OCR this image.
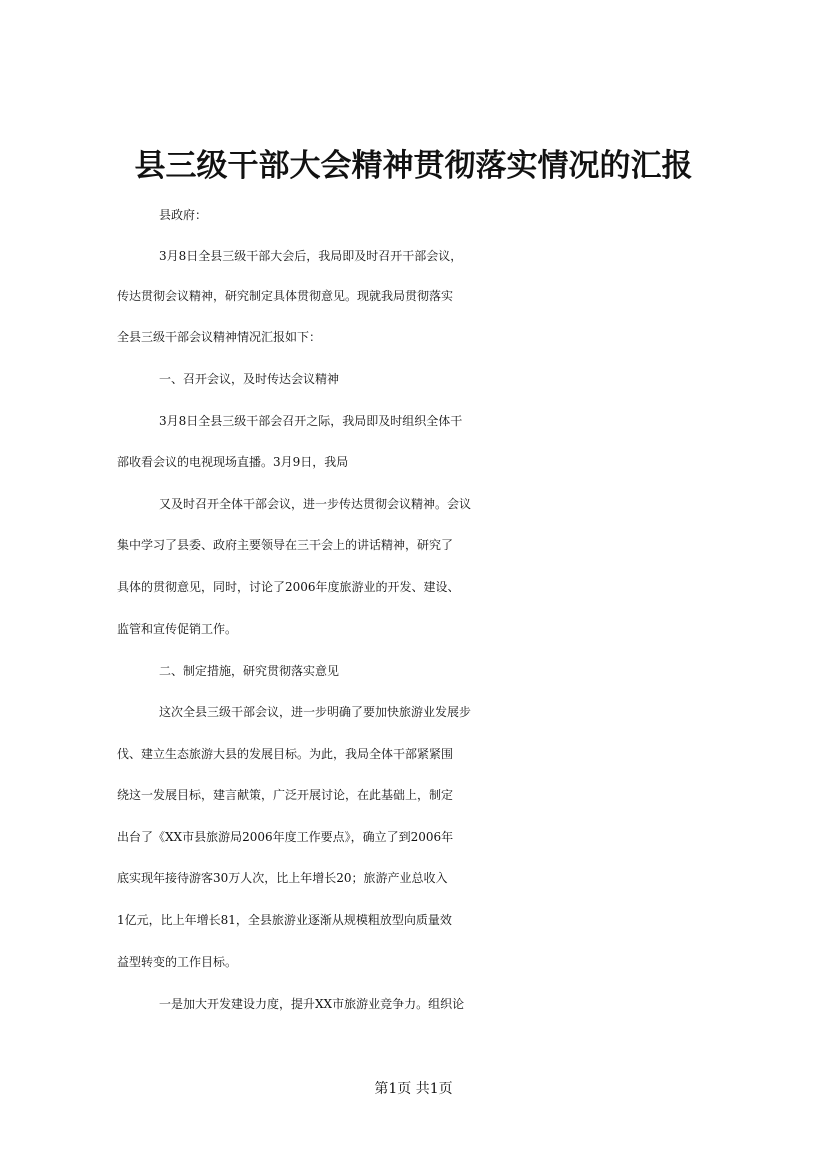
县三级干部大会精神贯彻落实情况的汇报
县政府：
3月8日全县三级干部大会后，我局即及时召开干部会议，
传达贯彻会议精神，研究制定具体贯彻意见。现就我局贯彻落实
全县三级干部会议精神情况汇报如下：
一、召开会议，及时传达会议精神
3月8日全县三级干部会召开之际，我局即及时组织全体干
部收看会议的电视现场直播。3月9日，我局
又及时召开全体干部会议，进一步传达贯彻会议精神。会议
集中学习了县委、政府主要领导在三干会上的讲话精神，研究了
具体的贯彻意见，同时，讨论了2006年度旅游业的开发、建设、
监管和宣传促销工作。
二、制定措施，研究贯彻落实意见
这次全县三级干部会议，进一步明确了要加快旅游业发展步
伐、建立生态旅游大县的发展目标。为此，我局全体干部紧紧围
绕这一发展目标，建言献策，广泛开展讨论，在此基础上，制定
出台了《XX市县旅游局2006年度工作要点》，确立了到2006年
底实现年接待游客30万人次，比上年增长20；旅游产业总收入
1亿元，比上年增长81，全县旅游业逐渐从规模粗放型向质量效
益型转变的工作目标。
一是加大开发建设力度，提升XX市旅游业竞争力。组织论
第1页 共1页
